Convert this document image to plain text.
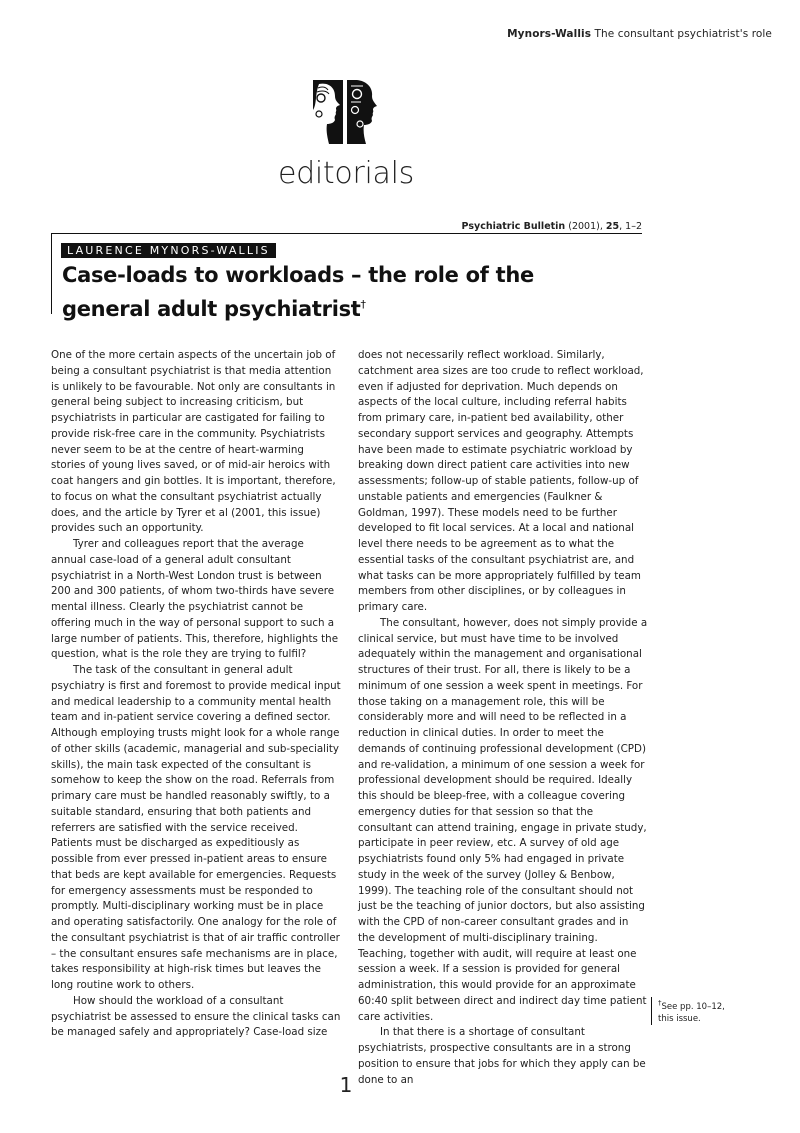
Mynors-Wallis The consultant psychiatrist's role
editorials
Psychiatric Bulletin (2001), 25, 1–2
LAURENCE MYNORS-WALLIS
Case-loads to workloads – the role of the general adult psychiatrist†

One of the more certain aspects of the uncertain job of being a consultant psychiatrist is that media attention is unlikely to be favourable. Not only are consultants in general being subject to increasing criticism, but psychiatrists in particular are castigated for failing to provide risk-free care in the community. Psychiatrists never seem to be at the centre of heart-warming stories of young lives saved, or of mid-air heroics with coat hangers and gin bottles. It is important, therefore, to focus on what the consultant psychiatrist actually does, and the article by Tyrer et al (2001, this issue) provides such an opportunity.

Tyrer and colleagues report that the average annual case-load of a general adult consultant psychiatrist in a North-West London trust is between 200 and 300 patients, of whom two-thirds have severe mental illness. Clearly the psychiatrist cannot be offering much in the way of personal support to such a large number of patients. This, therefore, highlights the question, what is the role they are trying to fulfil?

The task of the consultant in general adult psychiatry is first and foremost to provide medical input and medical leadership to a community mental health team and in-patient service covering a defined sector. Although employing trusts might look for a whole range of other skills (academic, managerial and sub-speciality skills), the main task expected of the consultant is somehow to keep the show on the road. Referrals from primary care must be handled reasonably swiftly, to a suitable standard, ensuring that both patients and referrers are satisfied with the service received. Patients must be discharged as expeditiously as possible from ever pressed in-patient areas to ensure that beds are kept available for emergencies. Requests for emergency assessments must be responded to promptly. Multi-disciplinary working must be in place and operating satisfactorily. One analogy for the role of the consultant psychiatrist is that of air traffic controller – the consultant ensures safe mechanisms are in place, takes responsibility at high-risk times but leaves the long routine work to others.

How should the workload of a consultant psychiatrist be assessed to ensure the clinical tasks can be managed safely and appropriately? Case-load size

does not necessarily reflect workload. Similarly, catchment area sizes are too crude to reflect workload, even if adjusted for deprivation. Much depends on aspects of the local culture, including referral habits from primary care, in-patient bed availability, other secondary support services and geography. Attempts have been made to estimate psychiatric workload by breaking down direct patient care activities into new assessments; follow-up of stable patients, follow-up of unstable patients and emergencies (Faulkner & Goldman, 1997). These models need to be further developed to fit local services. At a local and national level there needs to be agreement as to what the essential tasks of the consultant psychiatrist are, and what tasks can be more appropriately fulfilled by team members from other disciplines, or by colleagues in primary care.

The consultant, however, does not simply provide a clinical service, but must have time to be involved adequately within the management and organisational structures of their trust. For all, there is likely to be a minimum of one session a week spent in meetings. For those taking on a management role, this will be considerably more and will need to be reflected in a reduction in clinical duties. In order to meet the demands of continuing professional development (CPD) and re-validation, a minimum of one session a week for professional development should be required. Ideally this should be bleep-free, with a colleague covering emergency duties for that session so that the consultant can attend training, engage in private study, participate in peer review, etc. A survey of old age psychiatrists found only 5% had engaged in private study in the week of the survey (Jolley & Benbow, 1999). The teaching role of the consultant should not just be the teaching of junior doctors, but also assisting with the CPD of non-career consultant grades and in the development of multi-disciplinary training. Teaching, together with audit, will require at least one session a week. If a session is provided for general administration, this would provide for an approximate 60:40 split between direct and indirect day time patient care activities.

In that there is a shortage of consultant psychiatrists, prospective consultants are in a strong position to ensure that jobs for which they apply can be done to an

†See pp. 10–12, this issue.
1
